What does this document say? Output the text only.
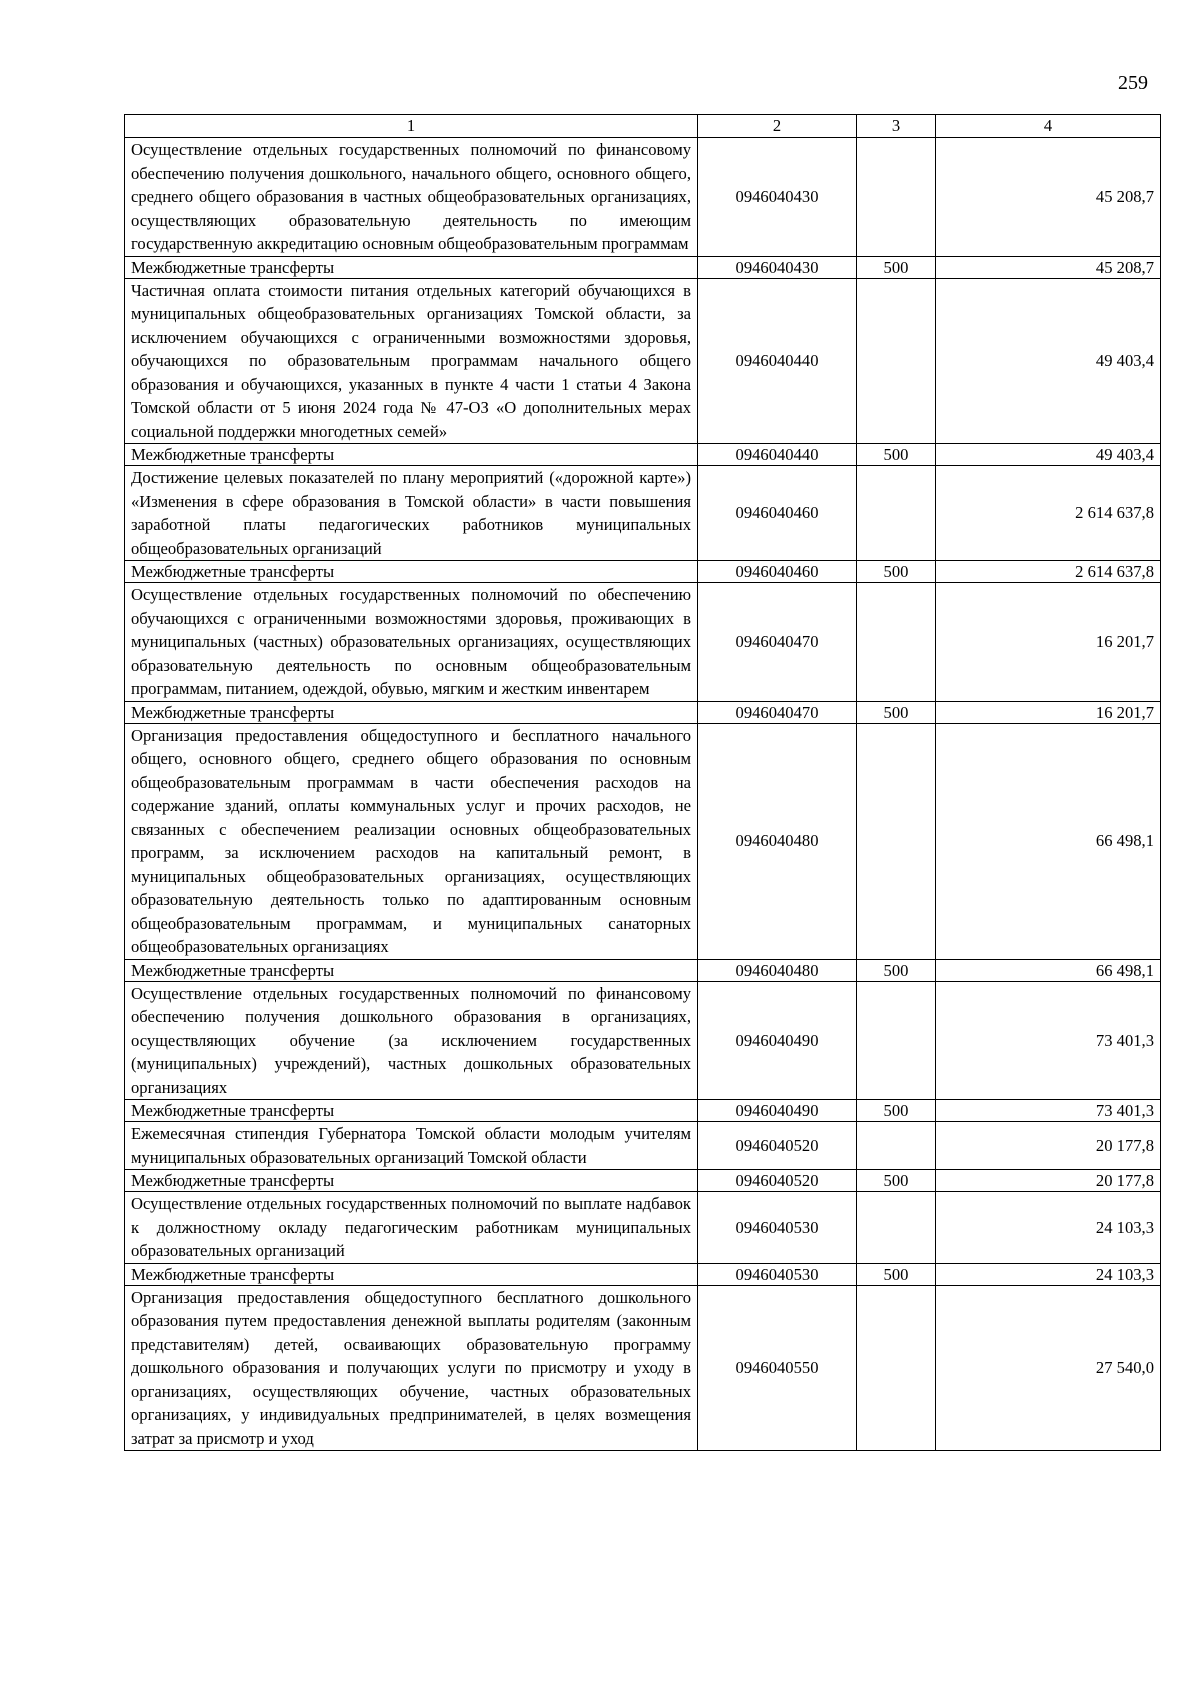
259
1	2	3	4
Осуществление отдельных государственных полномочий по финансовому обеспечению получения дошкольного, начального общего, основного общего, среднего общего образования в частных общеобразовательных организациях, осуществляющих образовательную деятельность по имеющим государственную аккредитацию основным общеобразовательным программам	0946040430		45 208,7
Межбюджетные трансферты	0946040430	500	45 208,7
Частичная оплата стоимости питания отдельных категорий обучающихся в муниципальных общеобразовательных организациях Томской области, за исключением обучающихся с ограниченными возможностями здоровья, обучающихся по образовательным программам начального общего образования и обучающихся, указанных в пункте 4 части 1 статьи 4 Закона Томской области от 5 июня 2024 года № 47-ОЗ «О дополнительных мерах социальной поддержки многодетных семей»	0946040440		49 403,4
Межбюджетные трансферты	0946040440	500	49 403,4
Достижение целевых показателей по плану мероприятий («дорожной карте») «Изменения в сфере образования в Томской области» в части повышения заработной платы педагогических работников муниципальных общеобразовательных организаций	0946040460		2 614 637,8
Межбюджетные трансферты	0946040460	500	2 614 637,8
Осуществление отдельных государственных полномочий по обеспечению обучающихся с ограниченными возможностями здоровья, проживающих в муниципальных (частных) образовательных организациях, осуществляющих образовательную деятельность по основным общеобразовательным программам, питанием, одеждой, обувью, мягким и жестким инвентарем	0946040470		16 201,7
Межбюджетные трансферты	0946040470	500	16 201,7
Организация предоставления общедоступного и бесплатного начального общего, основного общего, среднего общего образования по основным общеобразовательным программам в части обеспечения расходов на содержание зданий, оплаты коммунальных услуг и прочих расходов, не связанных с обеспечением реализации основных общеобразовательных программ, за исключением расходов на капитальный ремонт, в муниципальных общеобразовательных организациях, осуществляющих образовательную деятельность только по адаптированным основным общеобразовательным программам, и муниципальных санаторных общеобразовательных организациях	0946040480		66 498,1
Межбюджетные трансферты	0946040480	500	66 498,1
Осуществление отдельных государственных полномочий по финансовому обеспечению получения дошкольного образования в организациях, осуществляющих обучение (за исключением государственных (муниципальных) учреждений), частных дошкольных образовательных организациях	0946040490		73 401,3
Межбюджетные трансферты	0946040490	500	73 401,3
Ежемесячная стипендия Губернатора Томской области молодым учителям муниципальных образовательных организаций Томской области	0946040520		20 177,8
Межбюджетные трансферты	0946040520	500	20 177,8
Осуществление отдельных государственных полномочий по выплате надбавок к должностному окладу педагогическим работникам муниципальных образовательных организаций	0946040530		24 103,3
Межбюджетные трансферты	0946040530	500	24 103,3
Организация предоставления общедоступного бесплатного дошкольного образования путем предоставления денежной выплаты родителям (законным представителям) детей, осваивающих образовательную программу дошкольного образования и получающих услуги по присмотру и уходу в организациях, осуществляющих обучение, частных образовательных организациях, у индивидуальных предпринимателей, в целях возмещения затрат за присмотр и уход	0946040550		27 540,0
